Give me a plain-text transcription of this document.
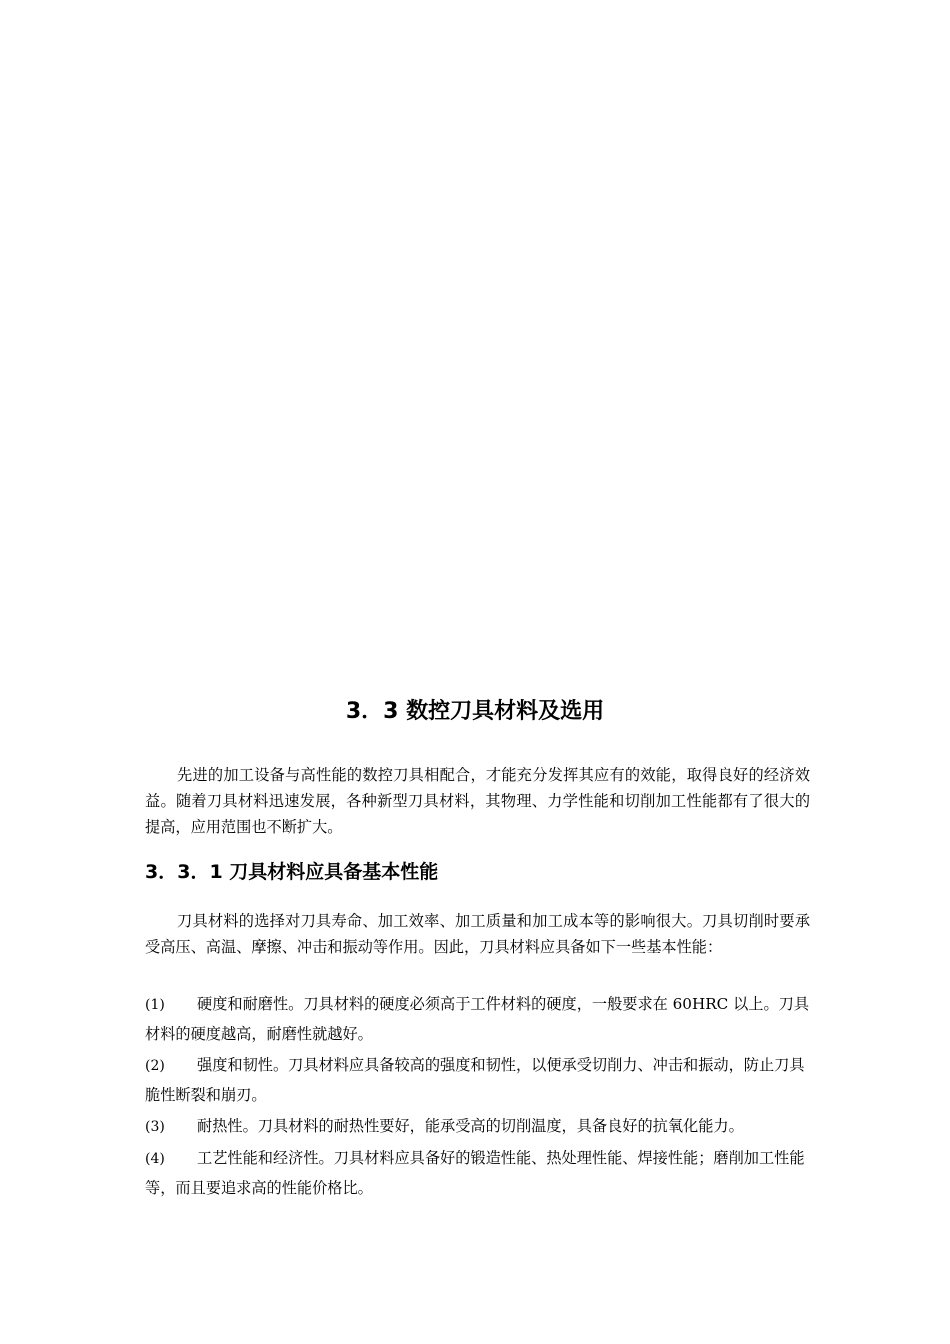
3．3 数控刀具材料及选用

先进的加工设备与高性能的数控刀具相配合，才能充分发挥其应有的效能，取得良好的经济效益。随着刀具材料迅速发展，各种新型刀具材料，其物理、力学性能和切削加工性能都有了很大的提高，应用范围也不断扩大。

3．3．1 刀具材料应具备基本性能

刀具材料的选择对刀具寿命、加工效率、加工质量和加工成本等的影响很大。刀具切削时要承受高压、高温、摩擦、冲击和振动等作用。因此，刀具材料应具备如下一些基本性能：

(1) 硬度和耐磨性。刀具材料的硬度必须高于工件材料的硬度，一般要求在 60HRC 以上。刀具材料的硬度越高，耐磨性就越好。
(2) 强度和韧性。刀具材料应具备较高的强度和韧性，以便承受切削力、冲击和振动，防止刀具脆性断裂和崩刃。
(3) 耐热性。刀具材料的耐热性要好，能承受高的切削温度，具备良好的抗氧化能力。
(4) 工艺性能和经济性。刀具材料应具备好的锻造性能、热处理性能、焊接性能；磨削加工性能等，而且要追求高的性能价格比。
